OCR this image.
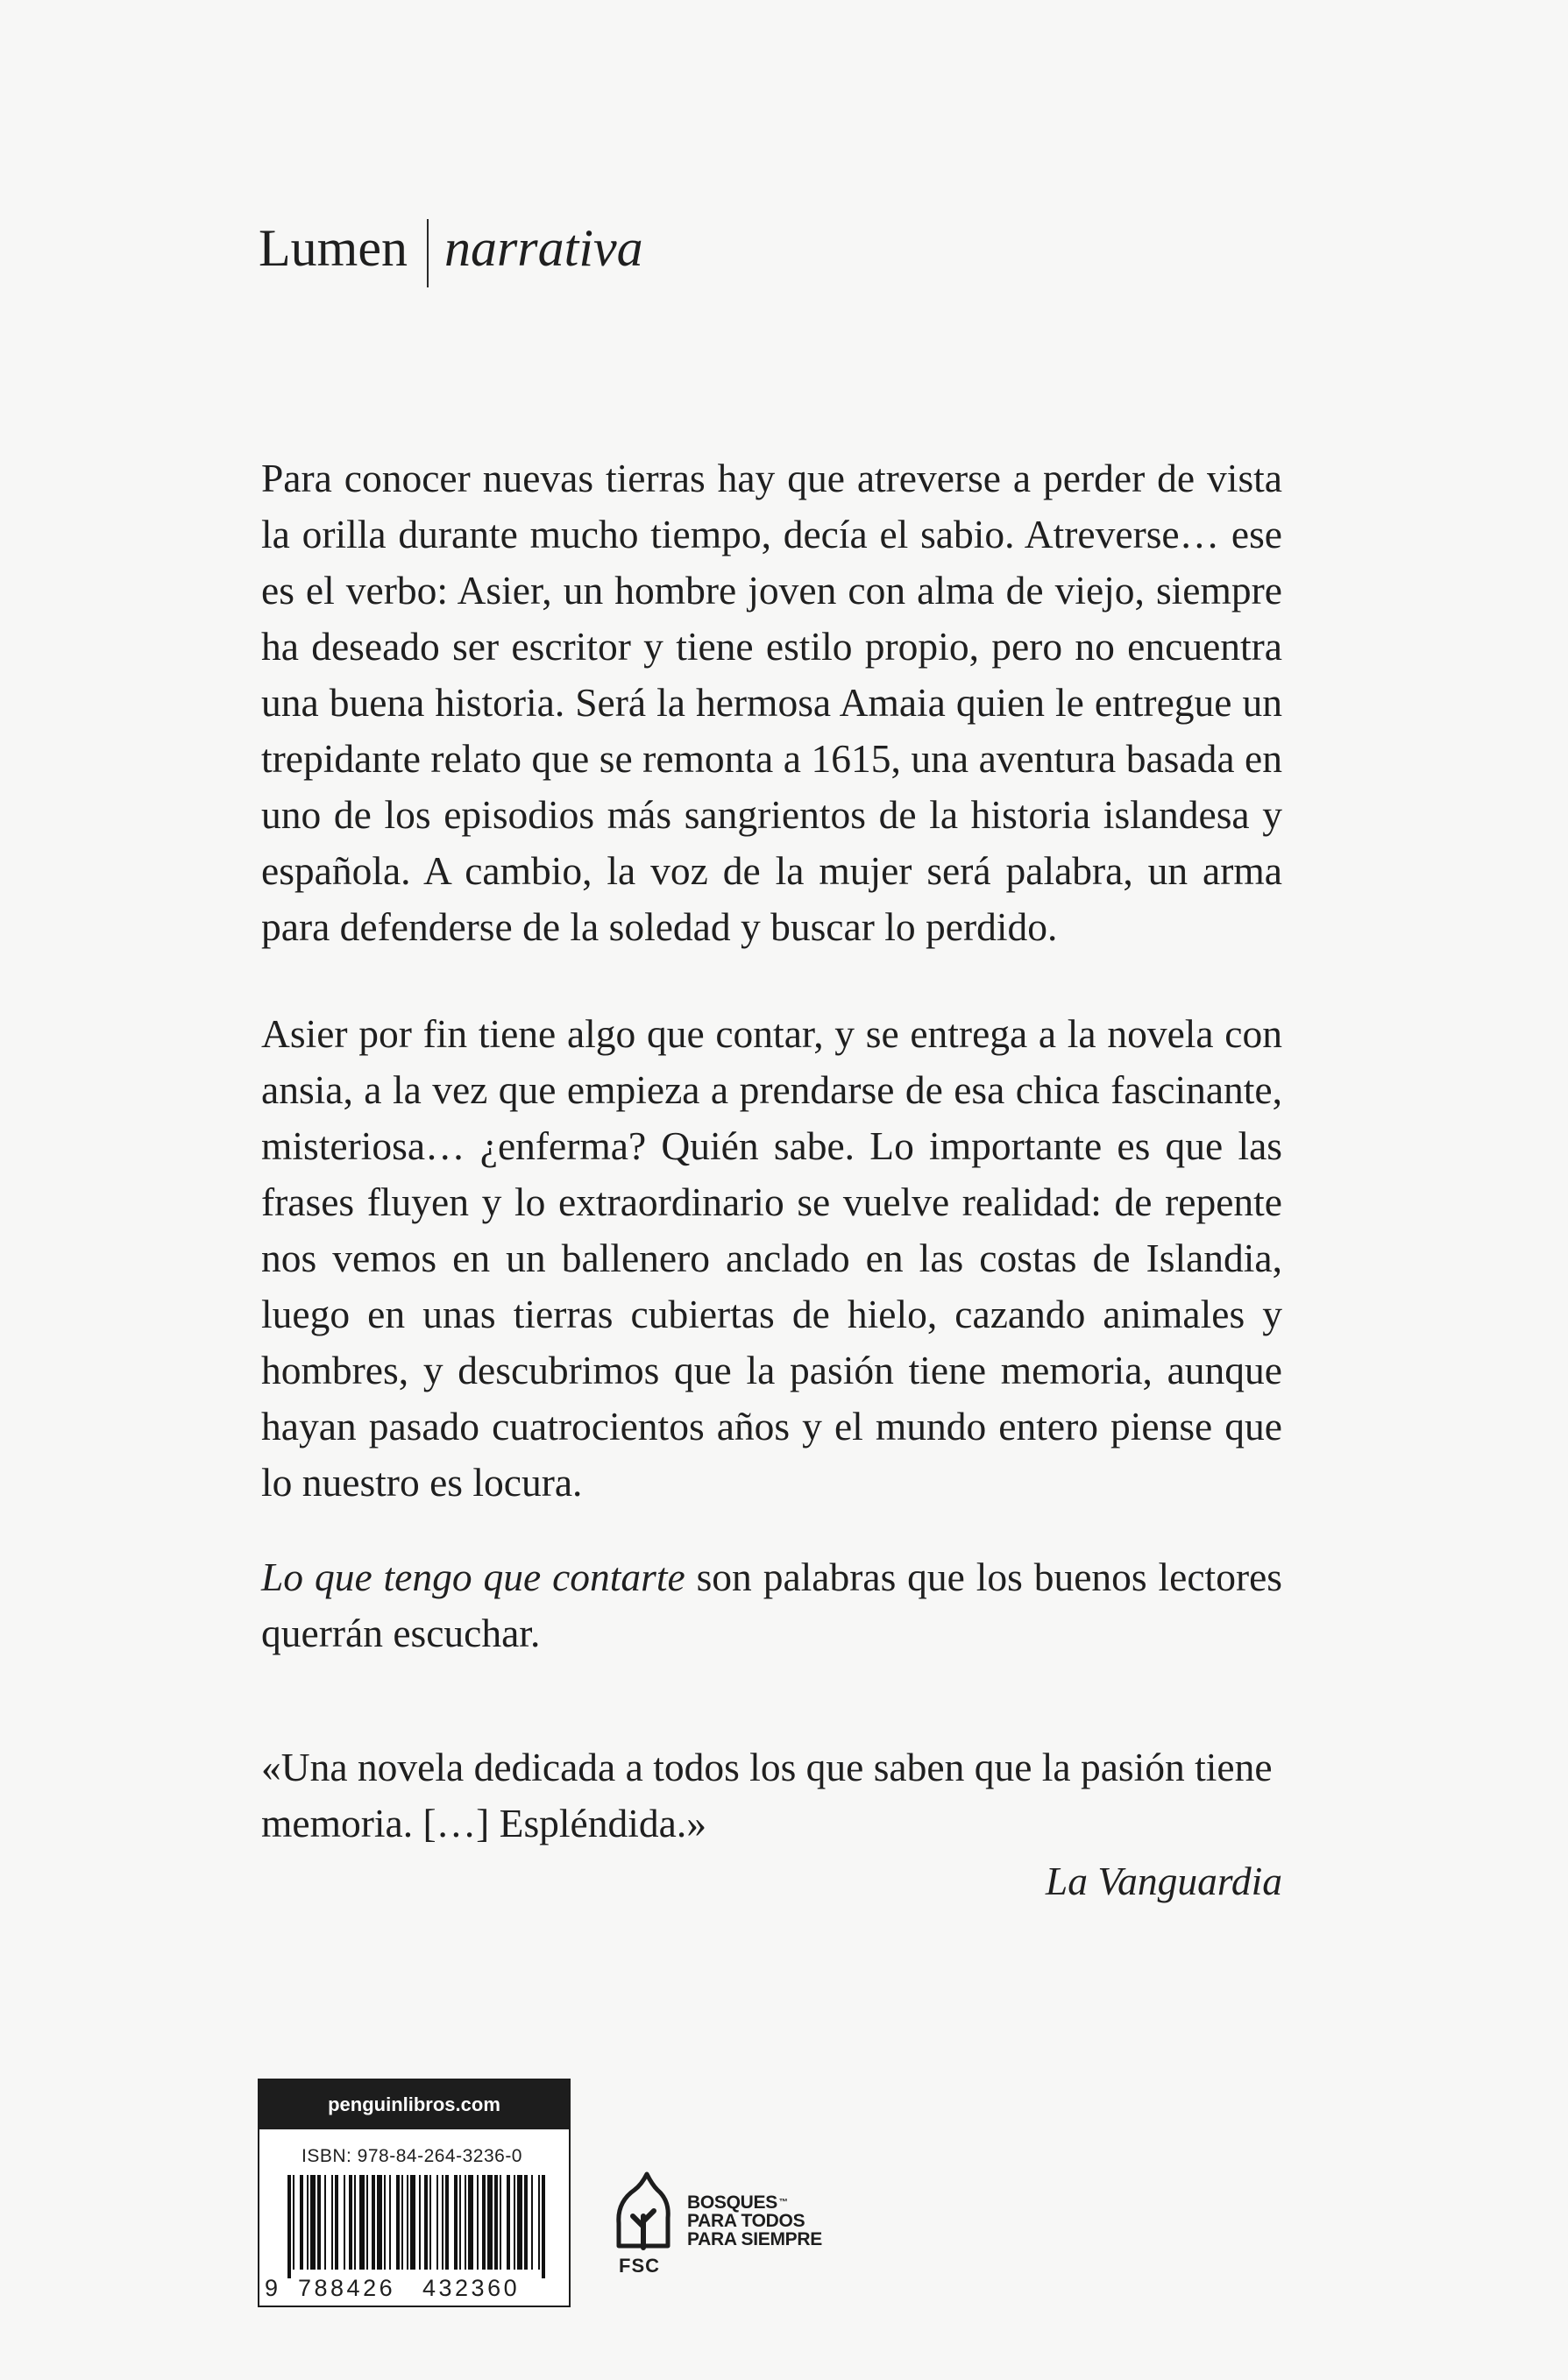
Lumen narrativa

Para conocer nuevas tierras hay que atreverse a perder de vista la orilla durante mucho tiempo, decía el sabio. Atreverse… ese es el verbo: Asier, un hombre joven con alma de viejo, siempre ha deseado ser escritor y tiene estilo propio, pero no encuentra una buena historia. Será la hermosa Amaia quien le entregue un trepidante relato que se remonta a 1615, una aventura basada en uno de los episodios más sangrientos de la historia islandesa y española. A cambio, la voz de la mujer será palabra, un arma para defenderse de la soledad y buscar lo perdido.

Asier por fin tiene algo que contar, y se entrega a la novela con ansia, a la vez que empieza a prendarse de esa chica fascinante, misteriosa… ¿enferma? Quién sabe. Lo importante es que las frases fluyen y lo extraordinario se vuelve realidad: de repente nos vemos en un ballenero anclado en las costas de Islandia, luego en unas tierras cubiertas de hielo, cazando animales y hombres, y descubrimos que la pasión tiene memoria, aunque hayan pasado cuatrocientos años y el mundo entero piense que lo nuestro es locura.

Lo que tengo que contarte son palabras que los buenos lectores querrán escuchar.

«Una novela dedicada a todos los que saben que la pasión tiene memoria. […] Espléndida.»

La Vanguardia
penguinlibros.com
ISBN: 978-84-264-3236-0
9 788426 432360
FSC
BOSQUES ™
PARA TODOS
PARA SIEMPRE
